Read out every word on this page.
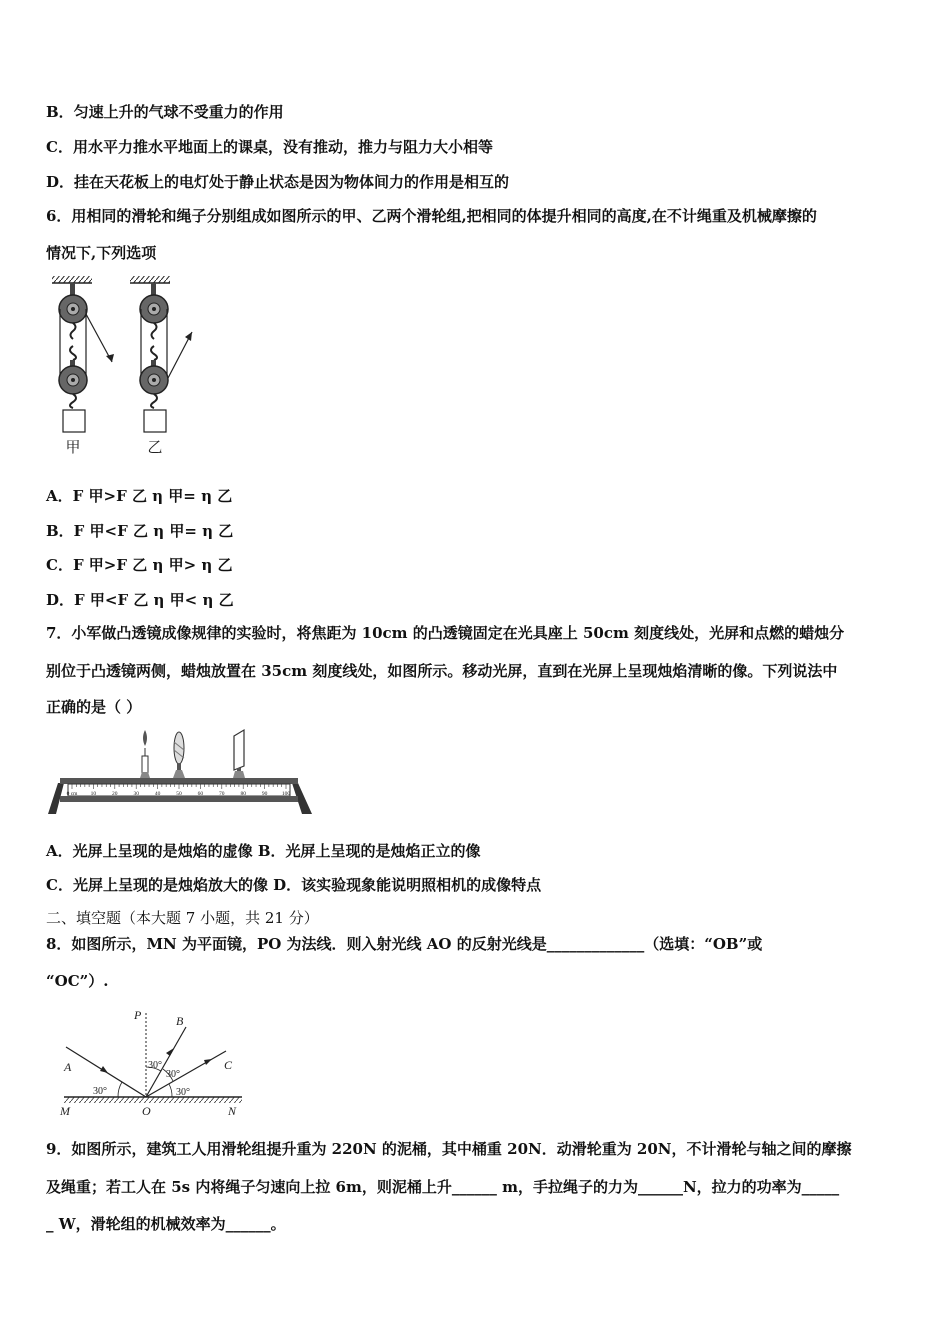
B．匀速上升的气球不受重力的作用
C．用水平力推水平地面上的课桌，没有推动，推力与阻力大小相等
D．挂在天花板上的电灯处于静止状态是因为物体间力的作用是相互的
6．用相同的滑轮和绳子分别组成如图所示的甲、乙两个滑轮组,把相同的体提升相同的高度,在不计绳重及机械摩擦的
情况下,下列选项
甲	乙
A．F 甲>F 乙 η 甲= η 乙
B．F 甲<F 乙 η 甲= η 乙
C．F 甲>F 乙 η 甲> η 乙
D．F 甲<F 乙 η 甲< η 乙
7．小军做凸透镜成像规律的实验时，将焦距为 10cm 的凸透镜固定在光具座上 50cm 刻度线处，光屏和点燃的蜡烛分
别位于凸透镜两侧，蜡烛放置在 35cm 刻度线处，如图所示。移动光屏，直到在光屏上呈现烛焰清晰的像。下列说法中
正确的是（ ）
0 cm 10	20	30	40	50	60	70	80	90	100
A．光屏上呈现的是烛焰的虚像 B．光屏上呈现的是烛焰正立的像
C．光屏上呈现的是烛焰放大的像 D．该实验现象能说明照相机的成像特点
二、填空题（本大题 7 小题，共 21 分）
8．如图所示，MN 为平面镜，PO 为法线．则入射光线 AO 的反射光线是_____________（选填：“OB”或
“OC”）.
P	B
C
A
M	O	N
30°
30°
30°
30°
9．如图所示，建筑工人用滑轮组提升重为 220N 的泥桶，其中桶重 20N．动滑轮重为 20N，不计滑轮与轴之间的摩擦
及绳重；若工人在 5s 内将绳子匀速向上拉 6m，则泥桶上升______ m，手拉绳子的力为______N，拉力的功率为_____
_ W，滑轮组的机械效率为______。
